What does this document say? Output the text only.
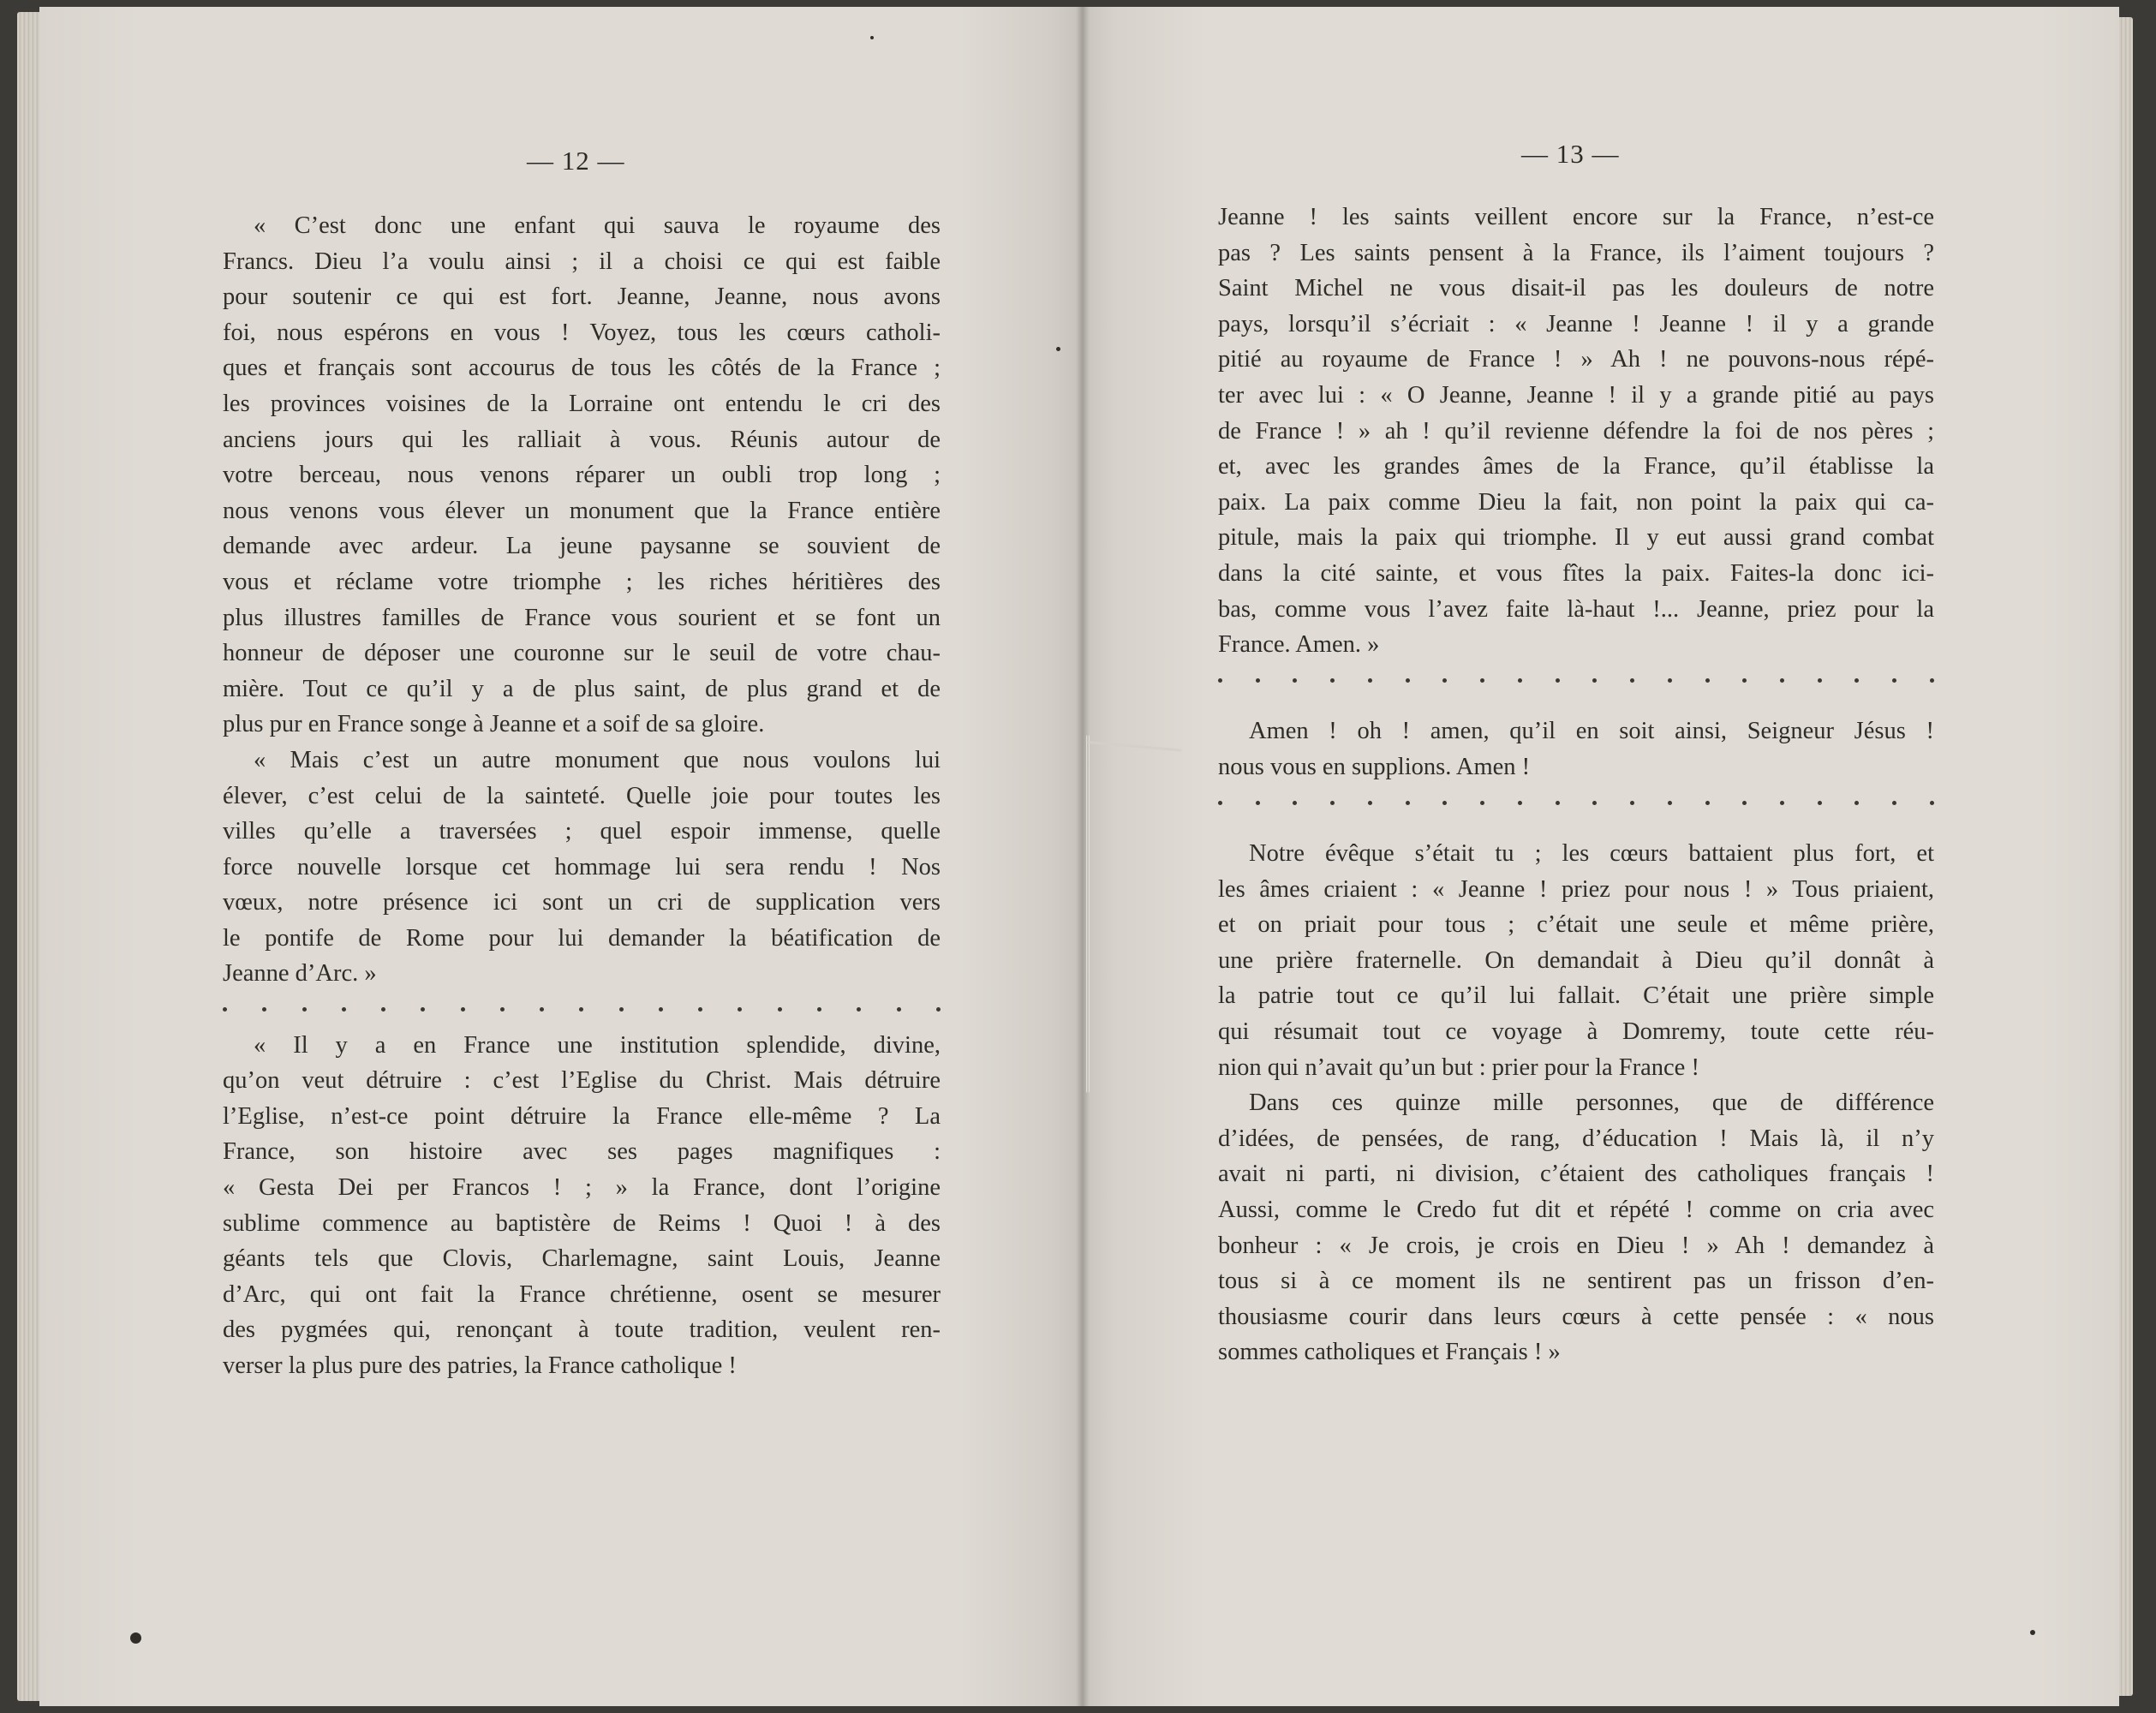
— 12 —	— 13 —
« C’est donc une enfant qui sauva le royaume des
Francs. Dieu l’a voulu ainsi ; il a choisi ce qui est faible
pour soutenir ce qui est fort. Jeanne, Jeanne, nous avons
foi, nous espérons en vous ! Voyez, tous les cœurs catholi-
ques et français sont accourus de tous les côtés de la France ;
les provinces voisines de la Lorraine ont entendu le cri des
anciens jours qui les ralliait à vous. Réunis autour de
votre berceau, nous venons réparer un oubli trop long ;
nous venons vous élever un monument que la France entière
demande avec ardeur. La jeune paysanne se souvient de
vous et réclame votre triomphe ; les riches héritières des
plus illustres familles de France vous sourient et se font un
honneur de déposer une couronne sur le seuil de votre chau-
mière. Tout ce qu’il y a de plus saint, de plus grand et de
plus pur en France songe à Jeanne et a soif de sa gloire.
« Mais c’est un autre monument que nous voulons lui
élever, c’est celui de la sainteté. Quelle joie pour toutes les
villes qu’elle a traversées ; quel espoir immense, quelle
force nouvelle lorsque cet hommage lui sera rendu ! Nos
vœux, notre présence ici sont un cri de supplication vers
le pontife de Rome pour lui demander la béatification de
Jeanne d’Arc. »
« Il y a en France une institution splendide, divine,
qu’on veut détruire : c’est l’Eglise du Christ. Mais détruire
l’Eglise, n’est-ce point détruire la France elle-même ? La
France, son histoire avec ses pages magnifiques :
« Gesta Dei per Francos ! ; » la France, dont l’origine
sublime commence au baptistère de Reims ! Quoi ! à des
géants tels que Clovis, Charlemagne, saint Louis, Jeanne
d’Arc, qui ont fait la France chrétienne, osent se mesurer
des pygmées qui, renonçant à toute tradition, veulent ren-
verser la plus pure des patries, la France catholique !
Jeanne ! les saints veillent encore sur la France, n’est-ce
pas ? Les saints pensent à la France, ils l’aiment toujours ?
Saint Michel ne vous disait-il pas les douleurs de notre
pays, lorsqu’il s’écriait : « Jeanne ! Jeanne ! il y a grande
pitié au royaume de France ! » Ah ! ne pouvons-nous répé-
ter avec lui : « O Jeanne, Jeanne ! il y a grande pitié au pays
de France ! » ah ! qu’il revienne défendre la foi de nos pères ;
et, avec les grandes âmes de la France, qu’il établisse la
paix. La paix comme Dieu la fait, non point la paix qui ca-
pitule, mais la paix qui triomphe. Il y eut aussi grand combat
dans la cité sainte, et vous fîtes la paix. Faites-la donc ici-
bas, comme vous l’avez faite là-haut !... Jeanne, priez pour la
France. Amen. »
Amen ! oh ! amen, qu’il en soit ainsi, Seigneur Jésus !
nous vous en supplions. Amen !
Notre évêque s’était tu ; les cœurs battaient plus fort, et
les âmes criaient : « Jeanne ! priez pour nous ! » Tous priaient,
et on priait pour tous ; c’était une seule et même prière,
une prière fraternelle. On demandait à Dieu qu’il donnât à
la patrie tout ce qu’il lui fallait. C’était une prière simple
qui résumait tout ce voyage à Domremy, toute cette réu-
nion qui n’avait qu’un but : prier pour la France !
Dans ces quinze mille personnes, que de différence
d’idées, de pensées, de rang, d’éducation ! Mais là, il n’y
avait ni parti, ni division, c’étaient des catholiques français !
Aussi, comme le Credo fut dit et répété ! comme on cria avec
bonheur : « Je crois, je crois en Dieu ! » Ah ! demandez à
tous si à ce moment ils ne sentirent pas un frisson d’en-
thousiasme courir dans leurs cœurs à cette pensée : « nous
sommes catholiques et Français ! »
